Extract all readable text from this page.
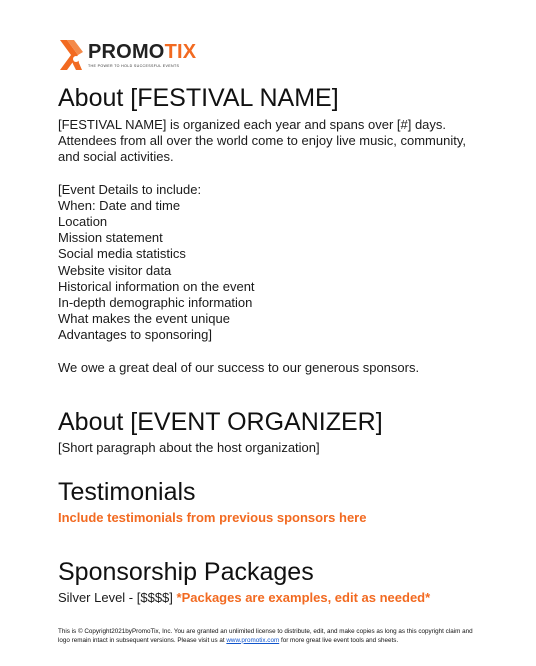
PROMOTIX
THE POWER TO HOLD SUCCESSFUL EVENTS
About [FESTIVAL NAME]

[FESTIVAL NAME] is organized each year and spans over [#] days.

Attendees from all over the world come to enjoy live music, community,

and social activities.

[Event Details to include:

When: Date and time

Location

Mission statement

Social media statistics

Website visitor data

Historical information on the event

In-depth demographic information

What makes the event unique

Advantages to sponsoring]

We owe a great deal of our success to our generous sponsors.

About [EVENT ORGANIZER]

[Short paragraph about the host organization]

Testimonials

Include testimonials from previous sponsors here

Sponsorship Packages

Silver Level - [$$$$] *Packages are examples, edit as needed*

This is © Copyright2021byPromoTix, Inc. You are granted an unlimited license to distribute, edit, and make copies as long as this copyright claim and logo remain intact in subsequent versions. Please visit us at www.promotix.com for more great live event tools and sheets.
